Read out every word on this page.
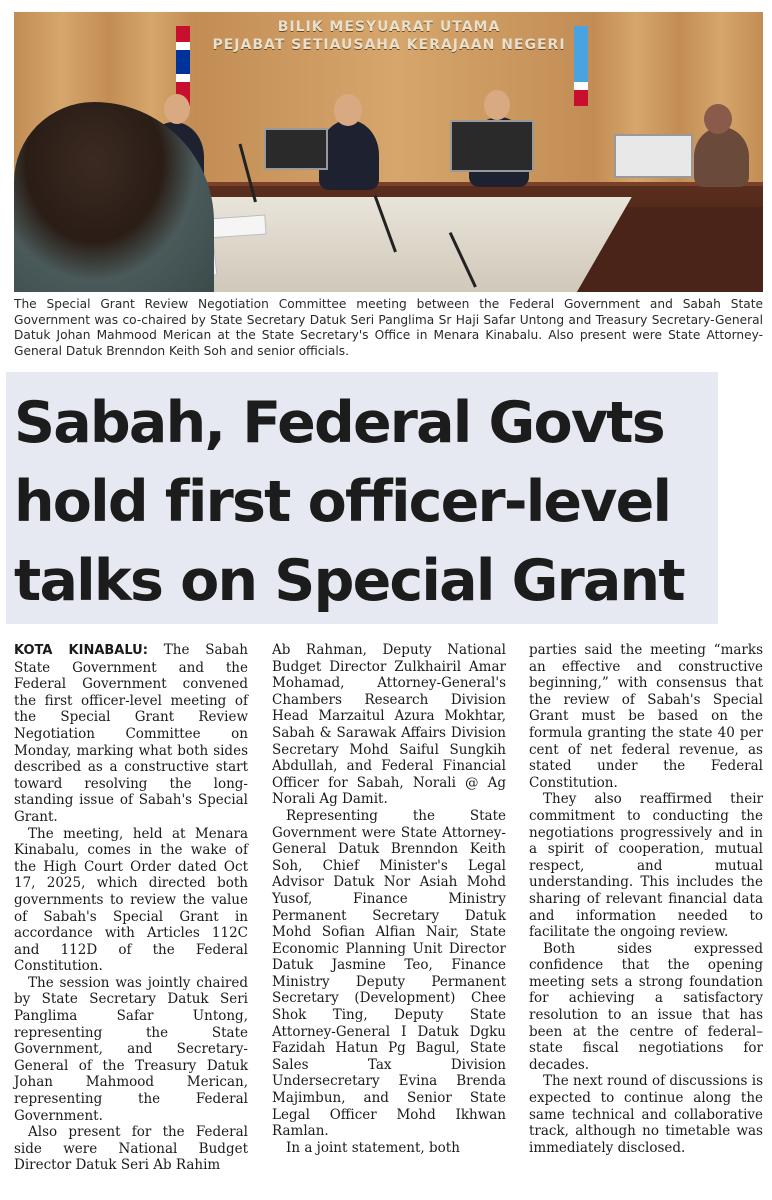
BILIK MESYUARAT UTAMA
PEJABAT SETIAUSAHA KERAJAAN NEGERI

The Special Grant Review Negotiation Committee meeting between the Federal Government and Sabah State Government was co-chaired by State Secretary Datuk Seri Panglima Sr Haji Safar Untong and Treasury Secretary-General Datuk Johan Mahmood Merican at the State Secretary's Office in Menara Kinabalu. Also present were State Attorney-General Datuk Brenndon Keith Soh and senior officials.

Sabah, Federal Govts
hold first officer-level
talks on Special Grant

KOTA KINABALU: The Sabah State Government and the Federal Government convened the first officer-level meeting of the Special Grant Review Negotiation Committee on Monday, marking what both sides described as a constructive start toward resolving the long-standing issue of Sabah's Special Grant.

The meeting, held at Menara Kinabalu, comes in the wake of the High Court Order dated Oct 17, 2025, which directed both governments to review the value of Sabah's Special Grant in accordance with Articles 112C and 112D of the Federal Constitution.

The session was jointly chaired by State Secretary Datuk Seri Panglima Safar Untong, representing the State Government, and Secretary-General of the Treasury Datuk Johan Mahmood Merican, representing the Federal Government.

Also present for the Federal side were National Budget Director Datuk Seri Ab Rahim

Ab Rahman, Deputy National Budget Director Zulkhairil Amar Mohamad, Attorney-General's Chambers Research Division Head Marzaitul Azura Mokhtar, Sabah & Sarawak Affairs Division Secretary Mohd Saiful Sungkih Abdullah, and Federal Financial Officer for Sabah, Norali @ Ag Norali Ag Damit.

Representing the State Government were State Attorney-General Datuk Brenndon Keith Soh, Chief Minister's Legal Advisor Datuk Nor Asiah Mohd Yusof, Finance Ministry Permanent Secretary Datuk Mohd Sofian Alfian Nair, State Economic Planning Unit Director Datuk Jasmine Teo, Finance Ministry Deputy Permanent Secretary (Development) Chee Shok Ting, Deputy State Attorney-General I Datuk Dgku Fazidah Hatun Pg Bagul, State Sales Tax Division Undersecretary Evina Brenda Majimbun, and Senior State Legal Officer Mohd Ikhwan Ramlan.

In a joint statement, both

parties said the meeting “marks an effective and constructive beginning,” with consensus that the review of Sabah's Special Grant must be based on the formula granting the state 40 per cent of net federal revenue, as stated under the Federal Constitution.

They also reaffirmed their commitment to conducting the negotiations progressively and in a spirit of cooperation, mutual respect, and mutual understanding. This includes the sharing of relevant financial data and information needed to facilitate the ongoing review.

Both sides expressed confidence that the opening meeting sets a strong foundation for achieving a satisfactory resolution to an issue that has been at the centre of federal–state fiscal negotiations for decades.

The next round of discussions is expected to continue along the same technical and collaborative track, although no timetable was immediately disclosed.
